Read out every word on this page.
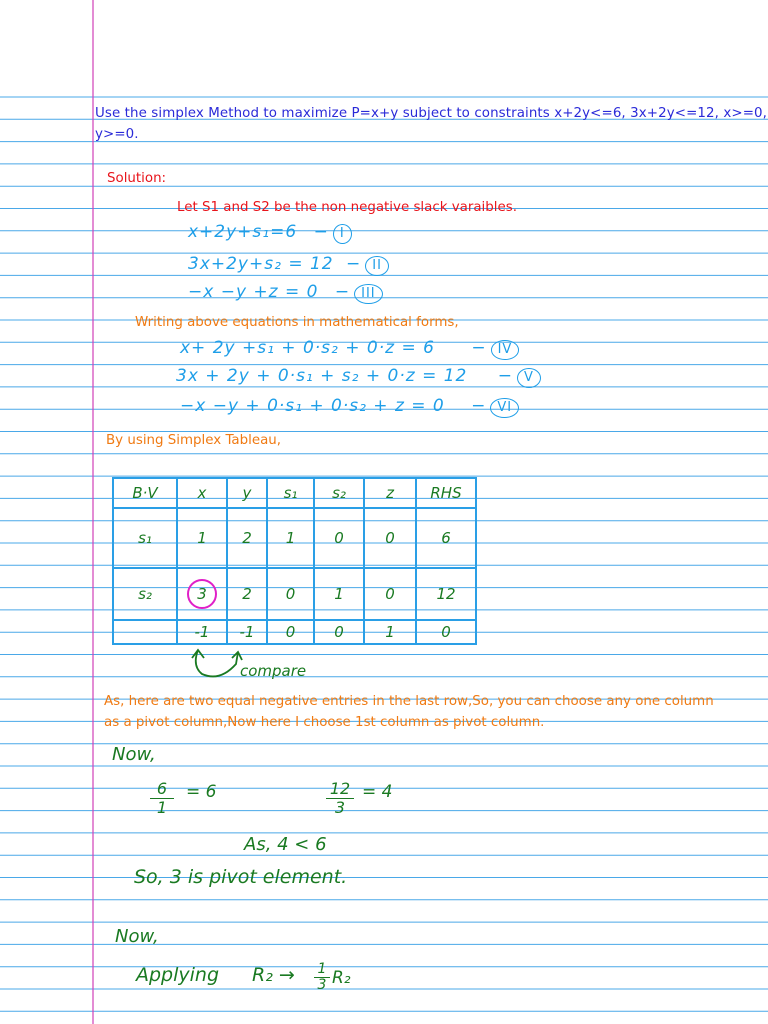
Use the simplex Method to maximize P=x+y subject to constraints x+2y<=6, 3x+2y<=12, x>=0,

y>=0.

Solution:

Let S1 and S2 be the non negative slack varaibles.

x+2y+s₁=6 − I

3x+2y+s₂ = 12 − II

−x −y +z = 0 − III

Writing above equations in mathematical forms,

x+ 2y +s₁ + 0·s₂ + 0·z = 6 − IV

3x + 2y + 0·s₁ + s₂ + 0·z = 12 − V

−x −y + 0·s₁ + 0·s₂ + z = 0 − VI

By using Simplex Tableau,

B·V	x	y	s₁	s₂	z	RHS
s₁	1	2	1	0	0	6
s₂	3	2	0	1	0	12
	-1	-1	0	0	1	0

compare

As, here are two equal negative entries in the last row,So, you can choose any one column

as a pivot column,Now here I choose 1st column as pivot column.

Now,

6
1

= 6	12
3

= 4

As, 4 < 6

So, 3 is pivot element.

Now,

Applying R₂ → 1
3 R₂
